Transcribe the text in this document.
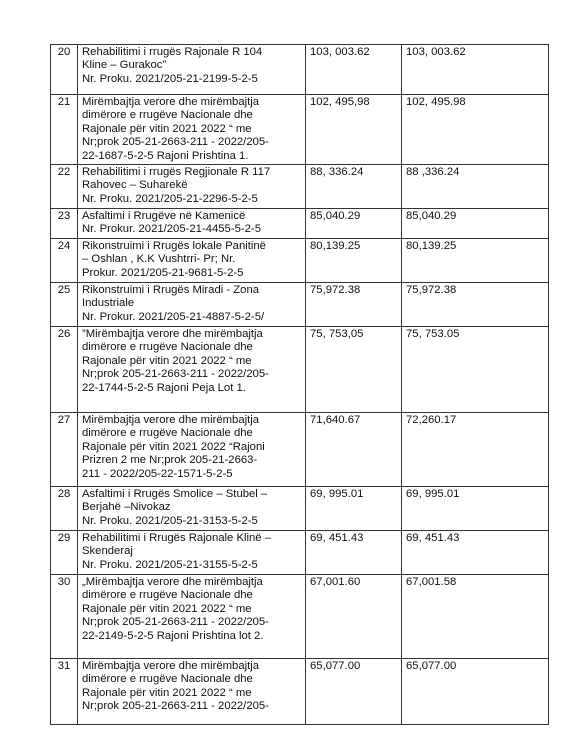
20	Rehabilitimi i rrugës Rajonale R 104
Kline – Gurakoc”
Nr. Proku. 2021/205-21-2199-5-2-5	103, 003.62	103, 003.62
21	Mirëmbajtja verore dhe mirëmbajtja
dimërore e rrugëve Nacionale dhe
Rajonale për vitin 2021 2022 “ me
Nr;prok 205-21-2663-211 - 2022/205-
22-1687-5-2-5 Rajoni Prishtina 1.	102, 495,98	102, 495.98
22	Rehabilitimi i rrugës Regjionale R 117
Rahovec – Suharekë
Nr. Proku. 2021/205-21-2296-5-2-5	88, 336.24	88 ,336.24
23	Asfaltimi i Rrugëve në Kamenicë
Nr. Prokur. 2021/205-21-4455-5-2-5	85,040.29	85,040.29
24	Rikonstruimi i Rrugës lokale Panitinë
– Oshlan , K.K Vushtrri- Pr; Nr.
Prokur. 2021/205-21-9681-5-2-5	80,139.25	80,139.25
25	Rikonstruimi i Rrugës Miradi - Zona
Industriale
Nr. Prokur. 2021/205-21-4887-5-2-5/	75,972.38	75,972.38
26	”Mirëmbajtja verore dhe mirëmbajtja
dimërore e rrugëve Nacionale dhe
Rajonale për vitin 2021 2022 “ me
Nr;prok 205-21-2663-211 - 2022/205-
22-1744-5-2-5 Rajoni Peja Lot 1.	75, 753,05	75, 753.05
27	Mirëmbajtja verore dhe mirëmbajtja
dimërore e rrugëve Nacionale dhe
Rajonale për vitin 2021 2022 “Rajoni
Prizren 2 me Nr;prok 205-21-2663-
211 - 2022/205-22-1571-5-2-5	71,640.67	72,260.17
28	Asfaltimi i Rrugës Smolice – Stubel –
Berjahë –Nivokaz
Nr. Proku. 2021/205-21-3153-5-2-5	69, 995.01	69, 995.01
29	Rehabilitimi i Rrugës Rajonale Klinë –
Skenderaj
Nr. Proku. 2021/205-21-3155-5-2-5	69, 451.43	69, 451.43
30	„Mirëmbajtja verore dhe mirëmbajtja
dimërore e rrugëve Nacionale dhe
Rajonale për vitin 2021 2022 “ me
Nr;prok 205-21-2663-211 - 2022/205-
22-2149-5-2-5 Rajoni Prishtina lot 2.	67,001.60	67,001.58
31	Mirëmbajtja verore dhe mirëmbajtja
dimërore e rrugëve Nacionale dhe
Rajonale për vitin 2021 2022 “ me
Nr;prok 205-21-2663-211 - 2022/205-	65,077.00	65,077.00
